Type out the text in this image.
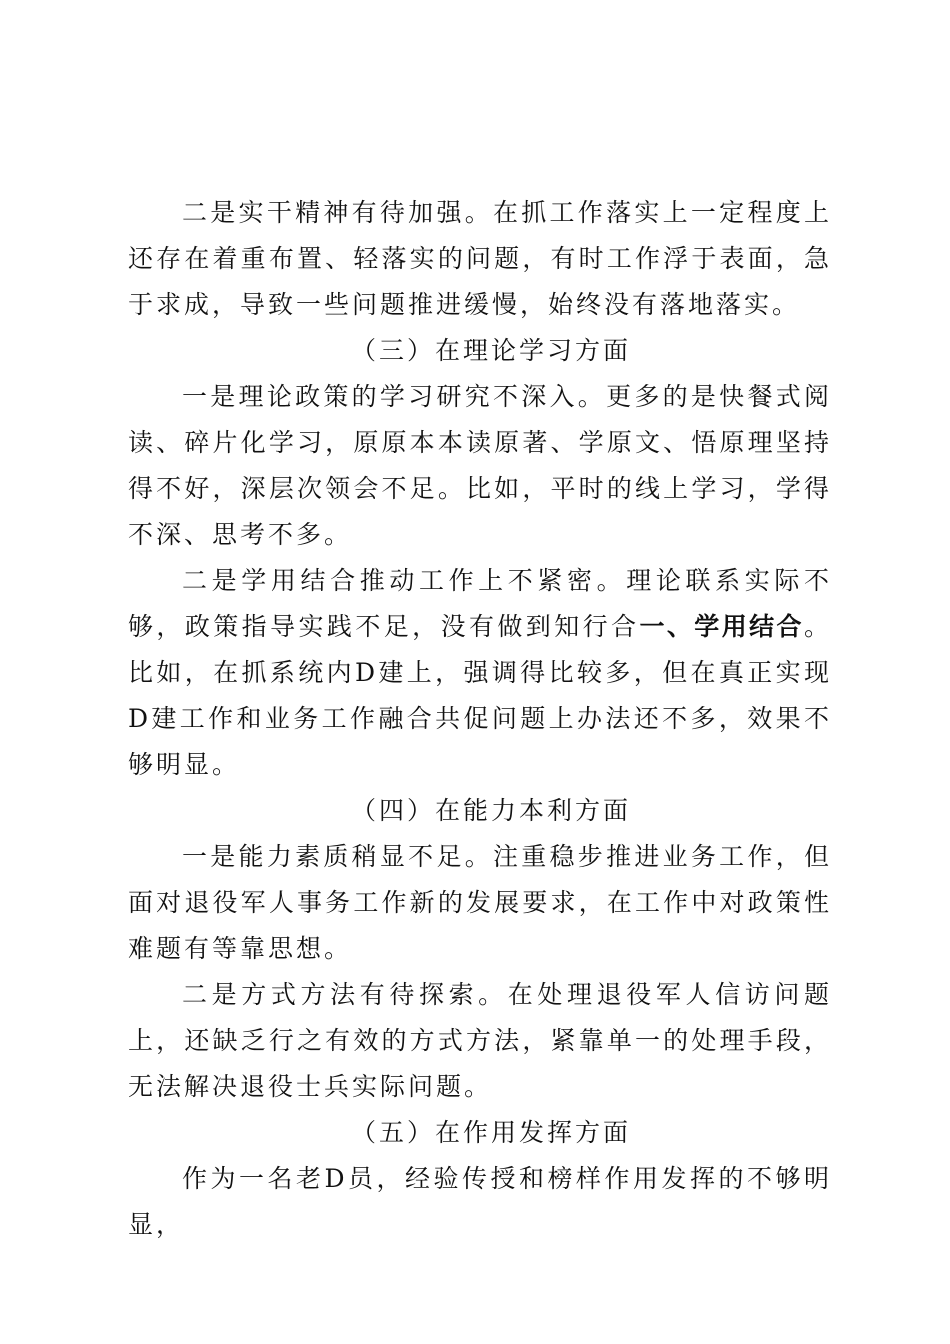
二是实干精神有待加强。在抓工作落实上一定程度上还存在着重布置、轻落实的问题，有时工作浮于表面，急于求成，导致一些问题推进缓慢，始终没有落地落实。

（三）在理论学习方面

一是理论政策的学习研究不深入。更多的是快餐式阅读、碎片化学习，原原本本读原著、学原文、悟原理坚持得不好，深层次领会不足。比如，平时的线上学习，学得不深、思考不多。

二是学用结合推动工作上不紧密。理论联系实际不够，政策指导实践不足，没有做到知行合一、学用结合。比如，在抓系统内D建上，强调得比较多，但在真正实现D建工作和业务工作融合共促问题上办法还不多，效果不够明显。

（四）在能力本利方面

一是能力素质稍显不足。注重稳步推进业务工作，但面对退役军人事务工作新的发展要求，在工作中对政策性难题有等靠思想。

二是方式方法有待探索。在处理退役军人信访问题上，还缺乏行之有效的方式方法，紧靠单一的处理手段，无法解决退役士兵实际问题。

（五）在作用发挥方面

作为一名老D员，经验传授和榜样作用发挥的不够明显，
